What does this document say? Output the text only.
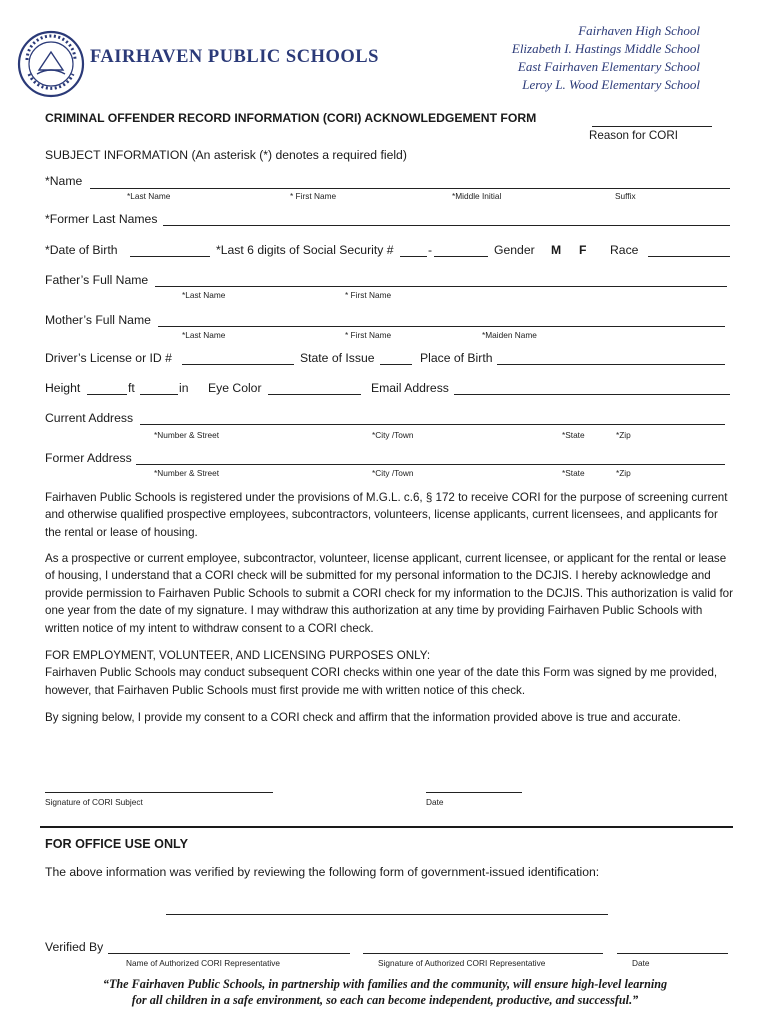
FAIRHAVEN PUBLIC SCHOOLS
Fairhaven High School
Elizabeth I. Hastings Middle School
East Fairhaven Elementary School
Leroy L. Wood Elementary School
CRIMINAL OFFENDER RECORD INFORMATION (CORI) ACKNOWLEDGEMENT FORM
Reason for CORI
SUBJECT INFORMATION (An asterisk (*) denotes a required field)
*Name
*Last Name	* First Name	*Middle Initial	Suffix
*Former Last Names
*Date of Birth	*Last 6 digits of Social Security #	-	Gender M F Race
Father’s Full Name
*Last Name	* First Name
Mother’s Full Name
*Last Name	* First Name	*Maiden Name
Driver’s License or ID #	State of Issue	Place of Birth
Height	ft	in Eye Color	Email Address
Current Address
*Number & Street	*City /Town	*State	*Zip
Former Address
*Number & Street	*City /Town	*State	*Zip

Fairhaven Public Schools is registered under the provisions of M.G.L. c.6, § 172 to receive CORI for the purpose of screening current and otherwise qualified prospective employees, subcontractors, volunteers, license applicants, current licensees, and applicants for the rental or lease of housing.

As a prospective or current employee, subcontractor, volunteer, license applicant, current licensee, or applicant for the rental or lease of housing, I understand that a CORI check will be submitted for my personal information to the DCJIS. I hereby acknowledge and provide permission to Fairhaven Public Schools to submit a CORI check for my information to the DCJIS. This authorization is valid for one year from the date of my signature. I may withdraw this authorization at any time by providing Fairhaven Public Schools with written notice of my intent to withdraw consent to a CORI check.

FOR EMPLOYMENT, VOLUNTEER, AND LICENSING PURPOSES ONLY:

Fairhaven Public Schools may conduct subsequent CORI checks within one year of the date this Form was signed by me provided, however, that Fairhaven Public Schools must first provide me with written notice of this check.

By signing below, I provide my consent to a CORI check and affirm that the information provided above is true and accurate.

Signature of CORI Subject	Date
FOR OFFICE USE ONLY
The above information was verified by reviewing the following form of government-issued identification:
Verified By
Name of Authorized CORI Representative	Signature of Authorized CORI Representative	Date
“The Fairhaven Public Schools, in partnership with families and the community, will ensure high-level learning
for all children in a safe environment, so each can become independent, productive, and successful.”
